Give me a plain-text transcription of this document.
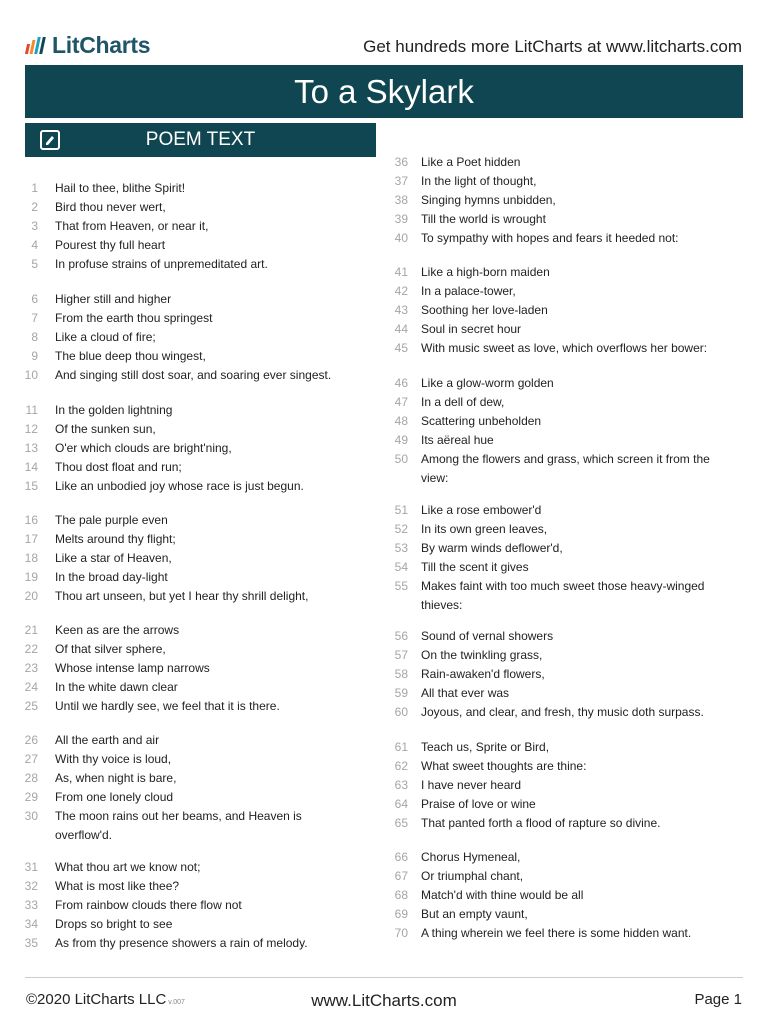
LitCharts	Get hundreds more LitCharts at www.litcharts.com
To a Skylark
POEM TEXT
1 Hail to thee, blithe Spirit!
2 Bird thou never wert,
3 That from Heaven, or near it,
4 Pourest thy full heart
5 In profuse strains of unpremeditated art.
6 Higher still and higher
7 From the earth thou springest
8 Like a cloud of fire;
9 The blue deep thou wingest,
10 And singing still dost soar, and soaring ever singest.
11 In the golden lightning
12 Of the sunken sun,
13 O'er which clouds are bright'ning,
14 Thou dost float and run;
15 Like an unbodied joy whose race is just begun.
16 The pale purple even
17 Melts around thy flight;
18 Like a star of Heaven,
19 In the broad day-light
20 Thou art unseen, but yet I hear thy shrill delight,
21 Keen as are the arrows
22 Of that silver sphere,
23 Whose intense lamp narrows
24 In the white dawn clear
25 Until we hardly see, we feel that it is there.
26 All the earth and air
27 With thy voice is loud,
28 As, when night is bare,
29 From one lonely cloud
30 The moon rains out her beams, and Heaven is
overflow'd.
31 What thou art we know not;
32 What is most like thee?
33 From rainbow clouds there flow not
34 Drops so bright to see
35 As from thy presence showers a rain of melody.
36 Like a Poet hidden
37 In the light of thought,
38 Singing hymns unbidden,
39 Till the world is wrought
40 To sympathy with hopes and fears it heeded not:
41 Like a high-born maiden
42 In a palace-tower,
43 Soothing her love-laden
44 Soul in secret hour
45 With music sweet as love, which overflows her bower:
46 Like a glow-worm golden
47 In a dell of dew,
48 Scattering unbeholden
49 Its aëreal hue
50 Among the flowers and grass, which screen it from the
view:
51 Like a rose embower'd
52 In its own green leaves,
53 By warm winds deflower'd,
54 Till the scent it gives
55 Makes faint with too much sweet those heavy-winged
thieves:
56 Sound of vernal showers
57 On the twinkling grass,
58 Rain-awaken'd flowers,
59 All that ever was
60 Joyous, and clear, and fresh, thy music doth surpass.
61 Teach us, Sprite or Bird,
62 What sweet thoughts are thine:
63 I have never heard
64 Praise of love or wine
65 That panted forth a flood of rapture so divine.
66 Chorus Hymeneal,
67 Or triumphal chant,
68 Match'd with thine would be all
69 But an empty vaunt,
70 A thing wherein we feel there is some hidden want.
©2020 LitCharts LLC v.007	www.LitCharts.com	Page 1
